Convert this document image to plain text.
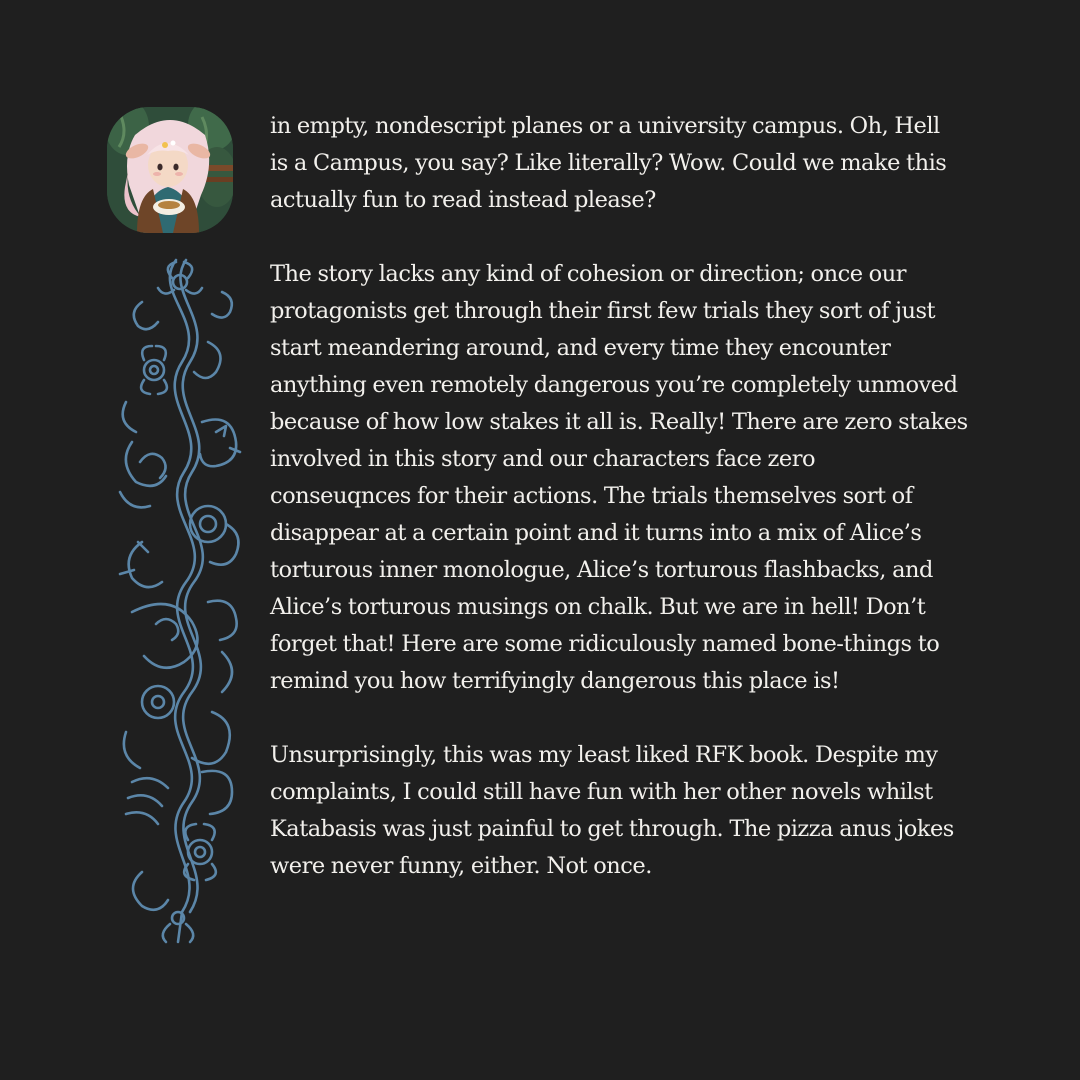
in empty, nondescript planes or a university campus. Oh, Hell
is a Campus, you say? Like literally? Wow. Could we make this
actually fun to read instead please?

The story lacks any kind of cohesion or direction; once our
protagonists get through their first few trials they sort of just
start meandering around, and every time they encounter
anything even remotely dangerous you’re completely unmoved
because of how low stakes it all is. Really! There are zero stakes
involved in this story and our characters face zero
conseuqnces for their actions. The trials themselves sort of
disappear at a certain point and it turns into a mix of Alice’s
torturous inner monologue, Alice’s torturous flashbacks, and
Alice’s torturous musings on chalk. But we are in hell! Don’t
forget that! Here are some ridiculously named bone-things to
remind you how terrifyingly dangerous this place is!

Unsurprisingly, this was my least liked RFK book. Despite my
complaints, I could still have fun with her other novels whilst
Katabasis was just painful to get through. The pizza anus jokes
were never funny, either. Not once.
